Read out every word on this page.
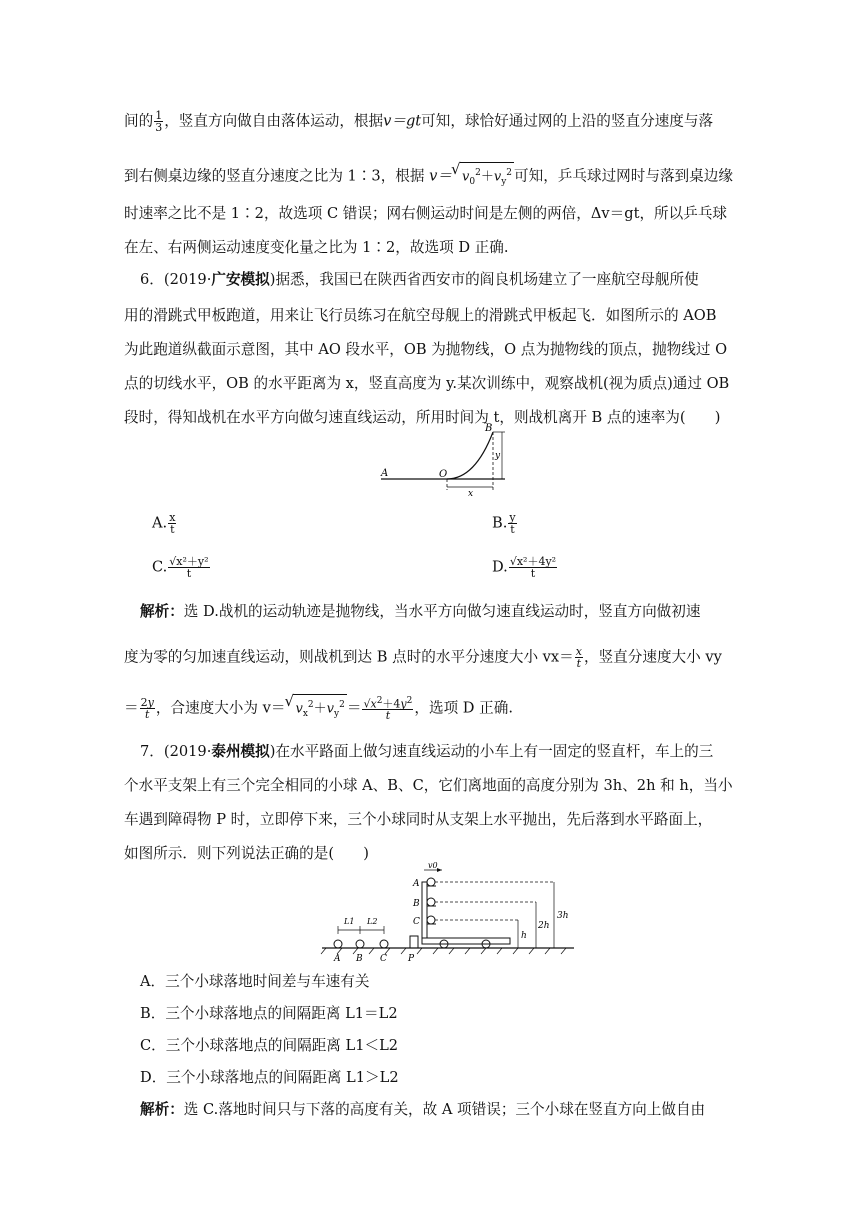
间的 $\frac{1}{3}$ ，竖直方向做自由落体运动，根据v＝gt可知，球恰好通过网的上沿的竖直分速度与落
到右侧桌边缘的竖直分速度之比为 1∶3，根据 v＝ √ $v_0^2+v_y^2$ 可知，乒乓球过网时与落到桌边缘
时速率之比不是 1∶2，故选项 C 错误；网右侧运动时间是左侧的两倍，Δv＝gt，所以乒乓球
在左、右两侧运动速度变化量之比为 1∶2，故选项 D 正确.
6．(2019·广安模拟)据悉，我国已在陕西省西安市的阎良机场建立了一座航空母舰所使
用的滑跳式甲板跑道，用来让飞行员练习在航空母舰上的滑跳式甲板起飞．如图所示的 AOB
为此跑道纵截面示意图，其中 AO 段水平，OB 为抛物线，O 点为抛物线的顶点，抛物线过 O
点的切线水平，OB 的水平距离为 x，竖直高度为 y.某次训练中，观察战机(视为质点)通过 OB
段时，得知战机在水平方向做匀速直线运动，所用时间为 t，则战机离开 B 点的速率为(　　)
A	O
B
x
y
A. $\frac{x}{t}$	B. $\frac{y}{t}$
C. $\frac{\text{√x²＋y²}}{t}$	D. $\frac{\text{√x²＋4y²}}{t}$
解析：选 D.战机的运动轨迹是抛物线，当水平方向做匀速直线运动时，竖直方向做初速
度为零的匀加速直线运动，则战机到达 B 点时的水平分速度大小 $vx= \frac{x}{t}$ ，竖直分速度大小 vy
＝ $\frac{2y}{t}$ ，合速度大小为 v＝ √ $v_x^2+v_y^2 = \frac{√x^2+4y^2}{t}$ ，选项 D 正确.
7．(2019·泰州模拟)在水平路面上做匀速直线运动的小车上有一固定的竖直杆，车上的三
个水平支架上有三个完全相同的小球 A、B、C，它们离地面的高度分别为 3h、2h 和 h，当小
车遇到障碍物 P 时，立即停下来，三个小球同时从支架上水平抛出，先后落到水平路面上，
如图所示．则下列说法正确的是(　　)
v0
A
B
C
A B C P
L1 L2
h
2h
3h
A．三个小球落地时间差与车速有关
B．三个小球落地点的间隔距离 L1＝L2
C．三个小球落地点的间隔距离 L1＜L2
D．三个小球落地点的间隔距离 L1＞L2
解析：选 C.落地时间只与下落的高度有关，故 A 项错误；三个小球在竖直方向上做自由
